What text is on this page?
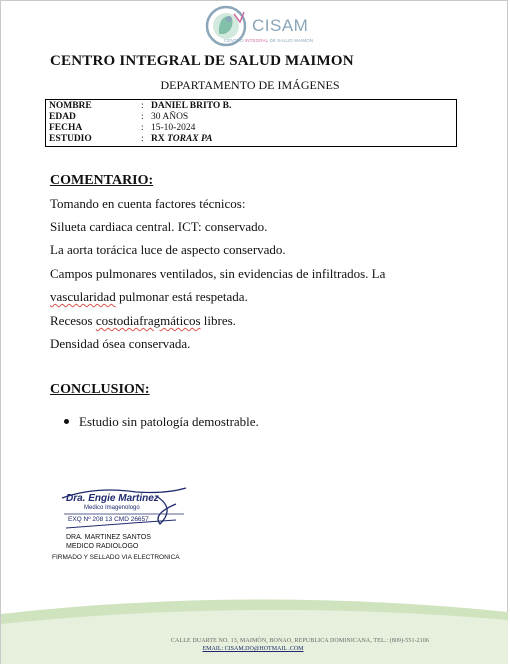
CISAM
CENTRO INTEGRAL DE SALUD MAIMON
CENTRO INTEGRAL DE SALUD MAIMON
DEPARTAMENTO DE IMÁGENES
NOMBRE	: DANIEL BRITO B.
EDAD	: 30 AÑOS
FECHA	: 15-10-2024
ESTUDIO	: RX TORAX PA
COMENTARIO:
Tomando en cuenta factores técnicos:
Silueta cardiaca central. ICT: conservado.
La aorta torácica luce de aspecto conservado.
Campos pulmonares ventilados, sin evidencias de infiltrados. La
vascularidad pulmonar está respetada.
Recesos costodiafragmáticos libres.
Densidad ósea conservada.
CONCLUSION:
Estudio sin patología demostrable.
Dra. Engie Martinez
Medico Imagenologo
EXQ Nº 208 13 CMD 26657
DRA. MARTINEZ SANTOS
MEDICO RADIOLOGO
FIRMADO Y SELLADO VIA ELECTRONICA
CALLE DUARTE NO. 13, MAIMÓN, BONAO, REPUBLICA DOMINICANA, TEL.: (809)-551-2106
EMAIL: CISAM.DO@HOTMAIL .COM
